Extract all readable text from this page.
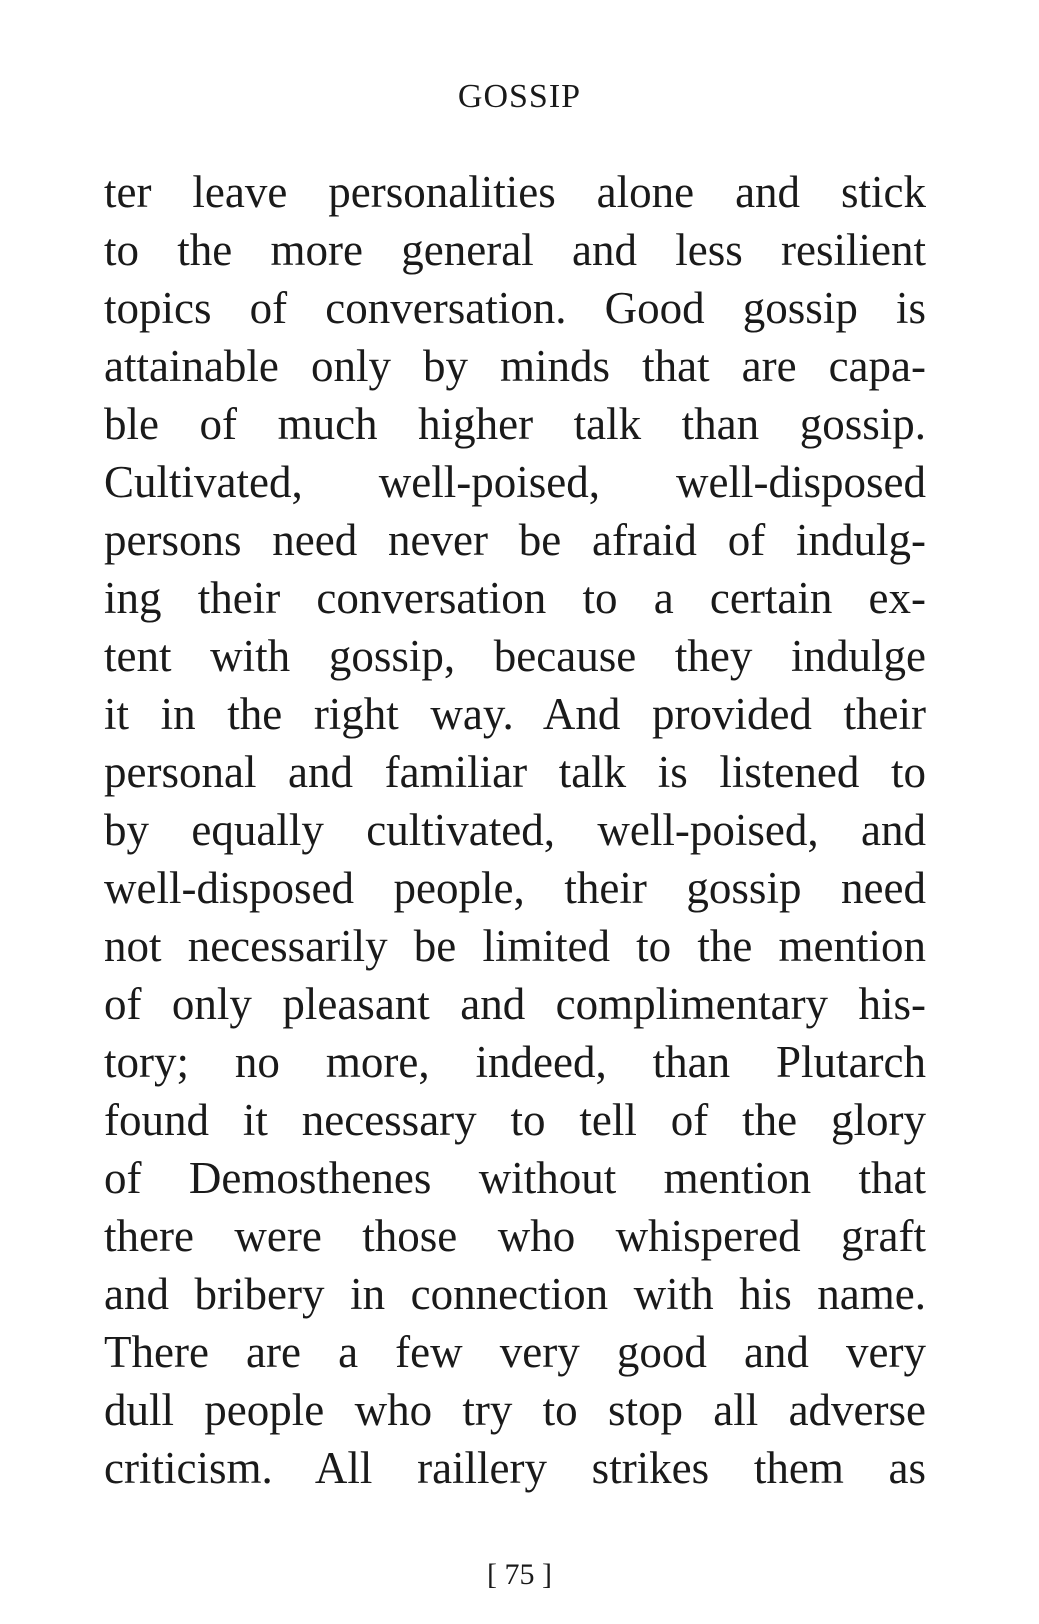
GOSSIP
ter leave personalities alone and stick
to the more general and less resilient
topics of conversation. Good gossip is
attainable only by minds that are capa-
ble of much higher talk than gossip.
Cultivated, well-poised, well-disposed
persons need never be afraid of indulg-
ing their conversation to a certain ex-
tent with gossip, because they indulge
it in the right way. And provided their
personal and familiar talk is listened to
by equally cultivated, well-poised, and
well-disposed people, their gossip need
not necessarily be limited to the mention
of only pleasant and complimentary his-
tory; no more, indeed, than Plutarch
found it necessary to tell of the glory
of Demosthenes without mention that
there were those who whispered graft
and bribery in connection with his name.
There are a few very good and very
dull people who try to stop all adverse
criticism. All raillery strikes them as
[ 75 ]
